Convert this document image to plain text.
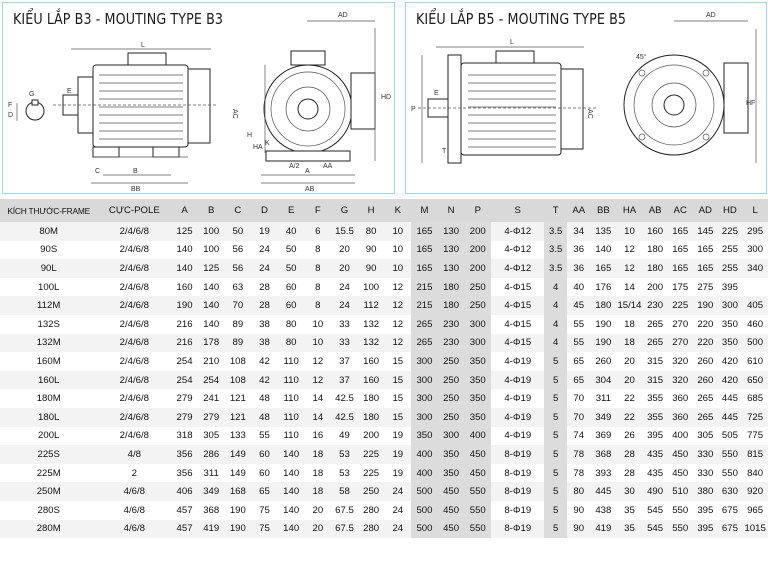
KIỂU LẮP B3 - MOUTING TYPE B3
L
E
B
BB
C
G
F
D
AD
HD
AC
H
HA
K
A/2
A
AA
AB
KIỂU LẮP B5 - MOUTING TYPE B5
L
P
T
E
AC
AD
45°
HF
KÍCH THƯỚC-FRAME	CỰC-POLE	A	B	C	D	E	F	G	H	K	M	N	P	S	T	AA	BB	HA	AB	AC	AD	HD	L
80M	2/4/6/8	125	100	50	19	40	6	15.5	80	10	165	130	200	4-Φ12	3.5	34	135	10	160	165	145	225	295
90S	2/4/6/8	140	100	56	24	50	8	20	90	10	165	130	200	4-Φ12	3.5	36	140	12	180	165	165	255	300
90L	2/4/6/8	140	125	56	24	50	8	20	90	10	165	130	200	4-Φ12	3.5	36	165	12	180	165	165	255	340
100L	2/4/6/8	160	140	63	28	60	8	24	100	12	215	180	250	4-Φ15	4	40	176	14	200	175	275	395	
112M	2/4/6/8	190	140	70	28	60	8	24	112	12	215	180	250	4-Φ15	4	45	180	15/14	230	225	190	300	405
132S	2/4/6/8	216	140	89	38	80	10	33	132	12	265	230	300	4-Φ15	4	55	190	18	265	270	220	350	460
132M	2/4/6/8	216	178	89	38	80	10	33	132	12	265	230	300	4-Φ15	4	55	190	18	265	270	220	350	500
160M	2/4/6/8	254	210	108	42	110	12	37	160	15	300	250	350	4-Φ19	5	65	260	20	315	320	260	420	610
160L	2/4/6/8	254	254	108	42	110	12	37	160	15	300	250	350	4-Φ19	5	65	304	20	315	320	260	420	650
180M	2/4/6/8	279	241	121	48	110	14	42.5	180	15	300	250	350	4-Φ19	5	70	311	22	355	360	265	445	685
180L	2/4/6/8	279	279	121	48	110	14	42.5	180	15	300	250	350	4-Φ19	5	70	349	22	355	360	265	445	725
200L	2/4/6/8	318	305	133	55	110	16	49	200	19	350	300	400	4-Φ19	5	74	369	26	395	400	305	505	775
225S	4/8	356	286	149	60	140	18	53	225	19	400	350	450	8-Φ19	5	78	368	28	435	450	330	550	815
225M	2	356	311	149	60	140	18	53	225	19	400	350	450	8-Φ19	5	78	393	28	435	450	330	550	840
250M	4/6/8	406	349	168	65	140	18	58	250	24	500	450	550	8-Φ19	5	80	445	30	490	510	380	630	920
280S	4/6/8	457	368	190	75	140	20	67.5	280	24	500	450	550	8-Φ19	5	90	438	35	545	550	395	675	965
280M	4/6/8	457	419	190	75	140	20	67.5	280	24	500	450	550	8-Φ19	5	90	419	35	545	550	395	675	1015
